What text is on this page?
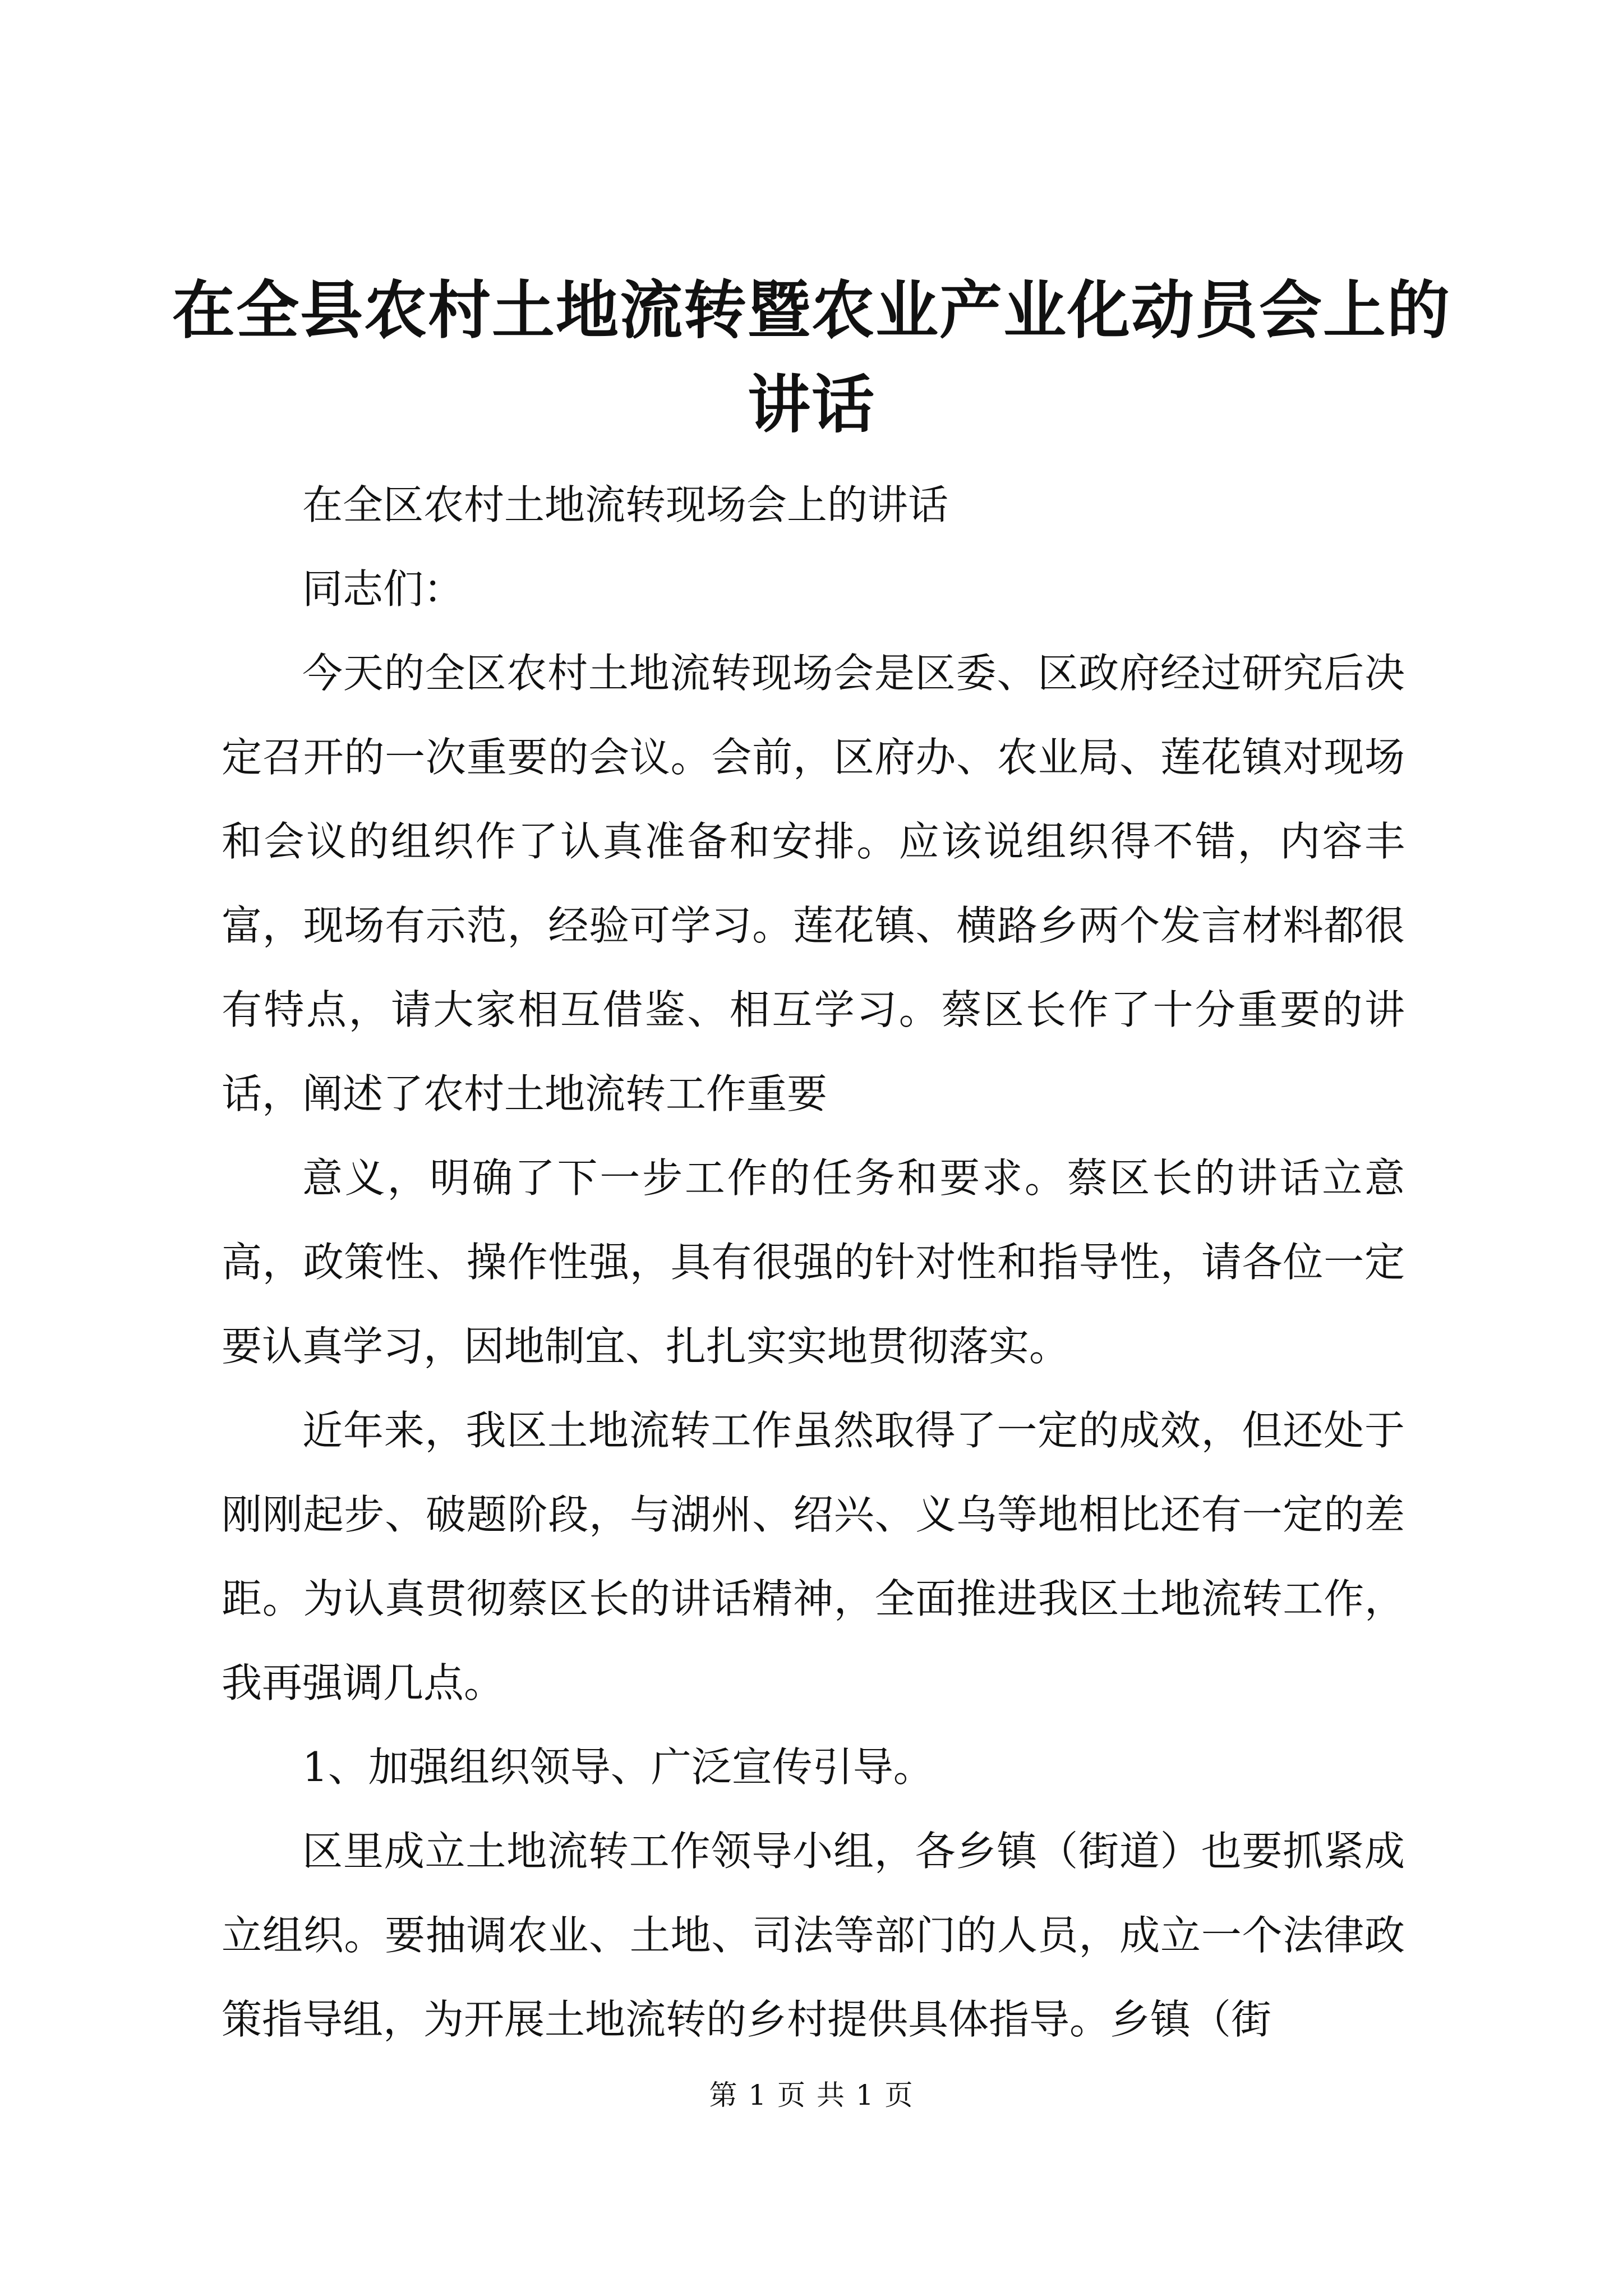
在全县农村土地流转暨农业产业化动员会上的讲话

在全区农村土地流转现场会上的讲话

同志们：

今天的全区农村土地流转现场会是区委、区政府经过研究后决定召开的一次重要的会议。会前，区府办、农业局、莲花镇对现场和会议的组织作了认真准备和安排。应该说组织得不错，内容丰富，现场有示范，经验可学习。莲花镇、横路乡两个发言材料都很有特点，请大家相互借鉴、相互学习。蔡区长作了十分重要的讲话，阐述了农村土地流转工作重要

意义，明确了下一步工作的任务和要求。蔡区长的讲话立意高，政策性、操作性强，具有很强的针对性和指导性，请各位一定要认真学习，因地制宜、扎扎实实地贯彻落实。

近年来，我区土地流转工作虽然取得了一定的成效，但还处于刚刚起步、破题阶段，与湖州、绍兴、义乌等地相比还有一定的差距。为认真贯彻蔡区长的讲话精神，全面推进我区土地流转工作，我再强调几点。

1、加强组织领导、广泛宣传引导。

区里成立土地流转工作领导小组，各乡镇（街道）也要抓紧成立组织。要抽调农业、土地、司法等部门的人员，成立一个法律政策指导组，为开展土地流转的乡村提供具体指导。乡镇（街

第 1 页 共 1 页
